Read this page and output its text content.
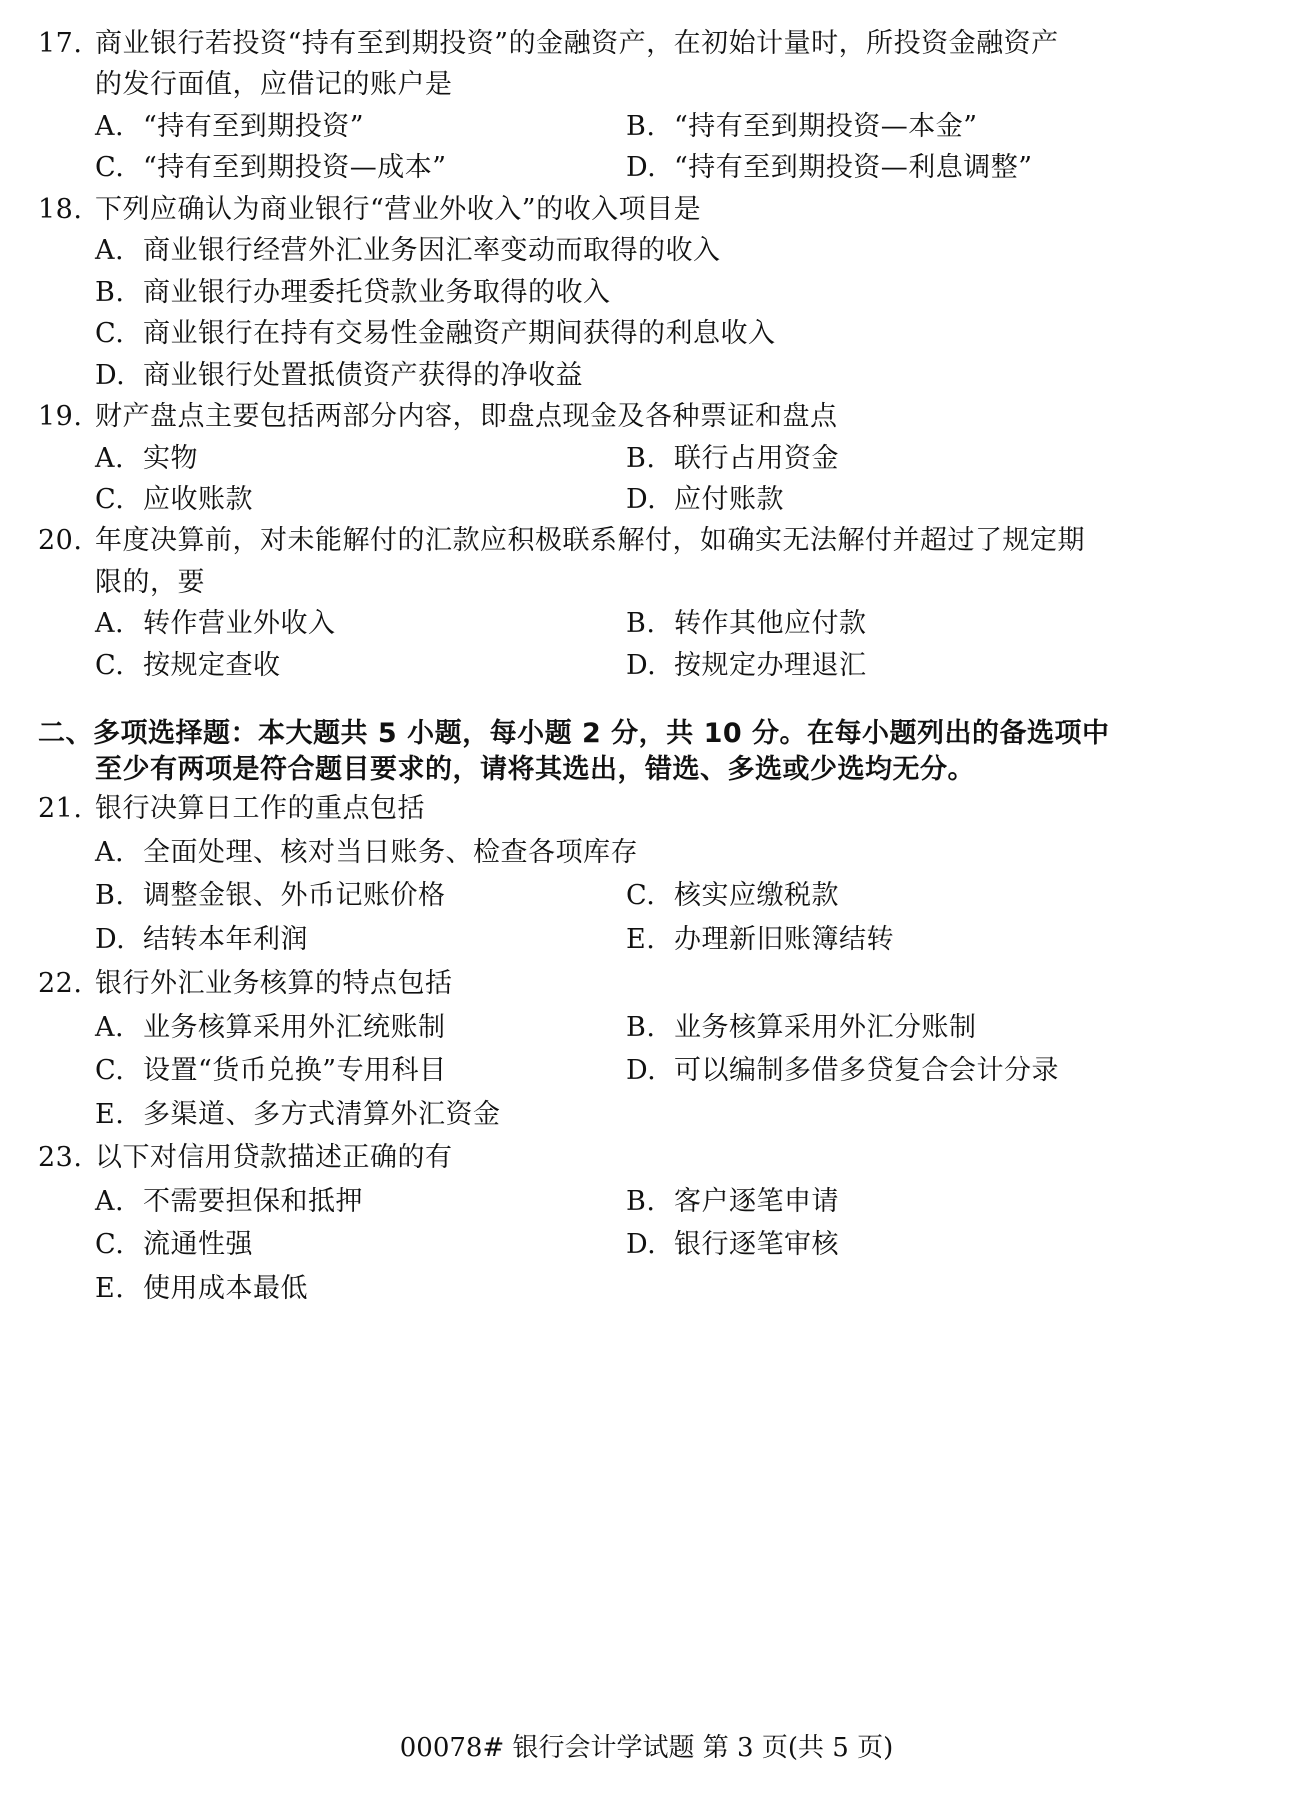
17. 商业银行若投资“持有至到期投资”的金融资产，在初始计量时，所投资金融资产
的发行面值，应借记的账户是
A. “持有至到期投资”	B. “持有至到期投资—本金”
C. “持有至到期投资—成本”	D. “持有至到期投资—利息调整”
18. 下列应确认为商业银行“营业外收入”的收入项目是
A. 商业银行经营外汇业务因汇率变动而取得的收入
B. 商业银行办理委托贷款业务取得的收入
C. 商业银行在持有交易性金融资产期间获得的利息收入
D. 商业银行处置抵债资产获得的净收益
19. 财产盘点主要包括两部分内容，即盘点现金及各种票证和盘点
A. 实物	B. 联行占用资金
C. 应收账款	D. 应付账款
20. 年度决算前，对未能解付的汇款应积极联系解付，如确实无法解付并超过了规定期
限的，要
A. 转作营业外收入	B. 转作其他应付款
C. 按规定查收	D. 按规定办理退汇
二、多项选择题：本大题共 5 小题，每小题 2 分，共 10 分。在每小题列出的备选项中
至少有两项是符合题目要求的，请将其选出，错选、多选或少选均无分。
21. 银行决算日工作的重点包括
A. 全面处理、核对当日账务、检查各项库存
B. 调整金银、外币记账价格	C. 核实应缴税款
D. 结转本年利润	E. 办理新旧账簿结转
22. 银行外汇业务核算的特点包括
A. 业务核算采用外汇统账制	B. 业务核算采用外汇分账制
C. 设置“货币兑换”专用科目	D. 可以编制多借多贷复合会计分录
E. 多渠道、多方式清算外汇资金
23. 以下对信用贷款描述正确的有
A. 不需要担保和抵押	B. 客户逐笔申请
C. 流通性强	D. 银行逐笔审核
E. 使用成本最低
00078# 银行会计学试题 第 3 页(共 5 页)
